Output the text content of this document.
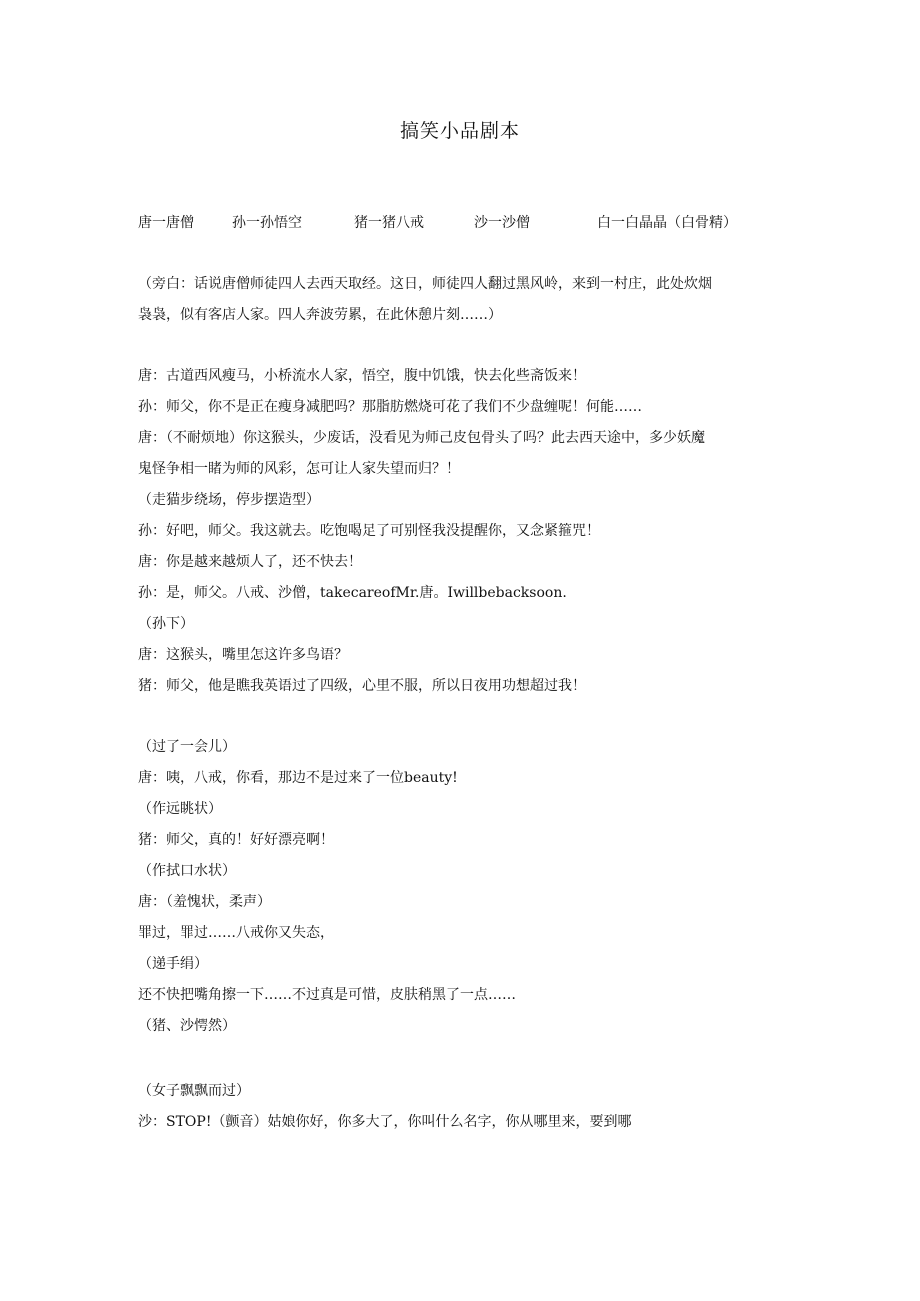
搞笑小品剧本
唐一唐僧	孙一孙悟空	猪一猪八戒	沙一沙僧	白一白晶晶（白骨精）
（旁白：话说唐僧师徒四人去西天取经。这日，师徒四人翻过黑风岭，来到一村庄，此处炊烟
袅袅，似有客店人家。四人奔波劳累，在此休憩片刻……）
唐：古道西风瘦马，小桥流水人家，悟空，腹中饥饿，快去化些斋饭来！
孙：师父，你不是正在瘦身减肥吗？那脂肪燃烧可花了我们不少盘缠呢！何能……
唐：（不耐烦地）你这猴头，少废话，没看见为师己皮包骨头了吗？此去西天途中，多少妖魔
鬼怪争相一睹为师的风彩，怎可让人家失望而归？！
（走猫步绕场，停步摆造型）
孙：好吧，师父。我这就去。吃饱喝足了可别怪我没提醒你，又念紧箍咒！
唐：你是越来越烦人了，还不快去！
孙：是，师父。八戒、沙僧，takecareofMr.唐。Iwillbebacksoon.
（孙下）
唐：这猴头，嘴里怎这许多鸟语？
猪：师父，他是瞧我英语过了四级，心里不服，所以日夜用功想超过我！
（过了一会儿）
唐：咦，八戒，你看，那边不是过来了一位beauty!
（作远眺状）
猪：师父，真的！好好漂亮啊！
（作拭口水状）
唐：（羞愧状，柔声）
罪过，罪过……八戒你又失态，
（递手绢）
还不快把嘴角擦一下……不过真是可惜，皮肤稍黑了一点……
（猪、沙愕然）
（女子飘飘而过）
沙：STOP!（颤音）姑娘你好，你多大了，你叫什么名字，你从哪里来，要到哪
